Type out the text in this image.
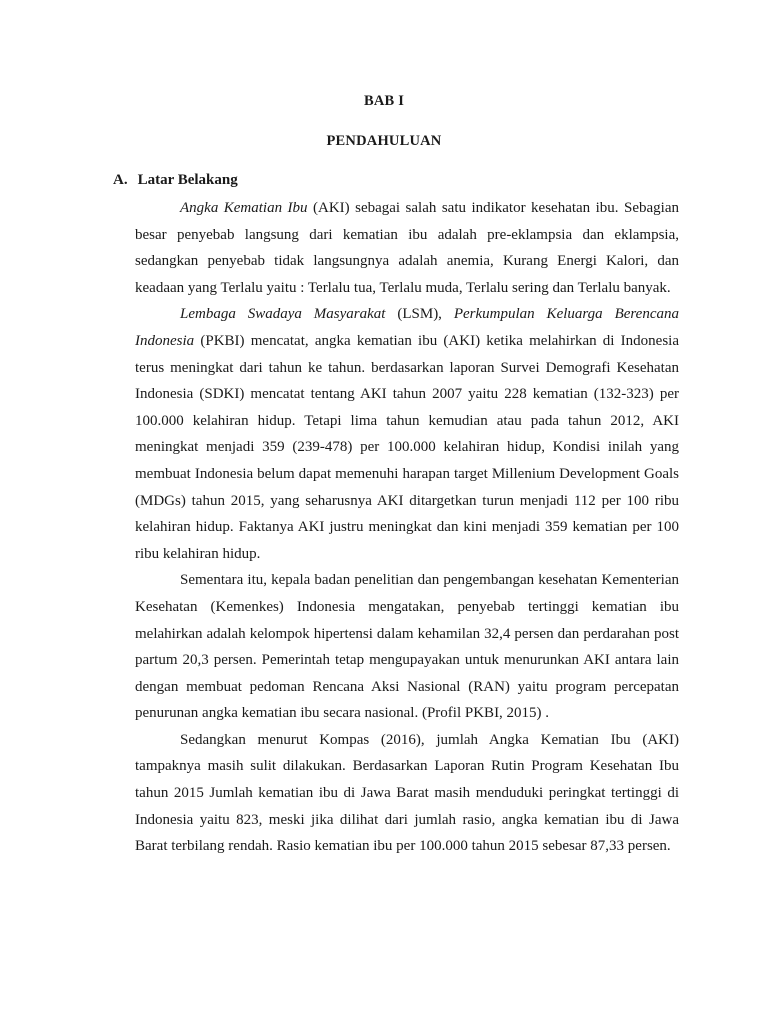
BAB I
PENDAHULUAN
A. Latar Belakang

Angka Kematian Ibu (AKI) sebagai salah satu indikator kesehatan ibu. Sebagian besar penyebab langsung dari kematian ibu adalah pre-eklampsia dan eklampsia, sedangkan penyebab tidak langsungnya adalah anemia, Kurang Energi Kalori, dan keadaan yang Terlalu yaitu : Terlalu tua, Terlalu muda, Terlalu sering dan Terlalu banyak.

Lembaga Swadaya Masyarakat (LSM), Perkumpulan Keluarga Berencana Indonesia (PKBI) mencatat, angka kematian ibu (AKI) ketika melahirkan di Indonesia terus meningkat dari tahun ke tahun. berdasarkan laporan Survei Demografi Kesehatan Indonesia (SDKI) mencatat tentang AKI tahun 2007 yaitu 228 kematian (132-323) per 100.000 kelahiran hidup. Tetapi lima tahun kemudian atau pada tahun 2012, AKI meningkat menjadi 359 (239-478) per 100.000 kelahiran hidup, Kondisi inilah yang membuat Indonesia belum dapat memenuhi harapan target Millenium Development Goals (MDGs) tahun 2015, yang seharusnya AKI ditargetkan turun menjadi 112 per 100 ribu kelahiran hidup. Faktanya AKI justru meningkat dan kini menjadi 359 kematian per 100 ribu kelahiran hidup.

Sementara itu, kepala badan penelitian dan pengembangan kesehatan Kementerian Kesehatan (Kemenkes) Indonesia mengatakan, penyebab tertinggi kematian ibu melahirkan adalah kelompok hipertensi dalam kehamilan 32,4 persen dan perdarahan post partum 20,3 persen. Pemerintah tetap mengupayakan untuk menurunkan AKI antara lain dengan membuat pedoman Rencana Aksi Nasional (RAN) yaitu program percepatan penurunan angka kematian ibu secara nasional. (Profil PKBI, 2015) .

Sedangkan menurut Kompas (2016), jumlah Angka Kematian Ibu (AKI) tampaknya masih sulit dilakukan. Berdasarkan Laporan Rutin Program Kesehatan Ibu tahun 2015 Jumlah kematian ibu di Jawa Barat masih menduduki peringkat tertinggi di Indonesia yaitu 823, meski jika dilihat dari jumlah rasio, angka kematian ibu di Jawa Barat terbilang rendah. Rasio kematian ibu per 100.000 tahun 2015 sebesar 87,33 persen.
